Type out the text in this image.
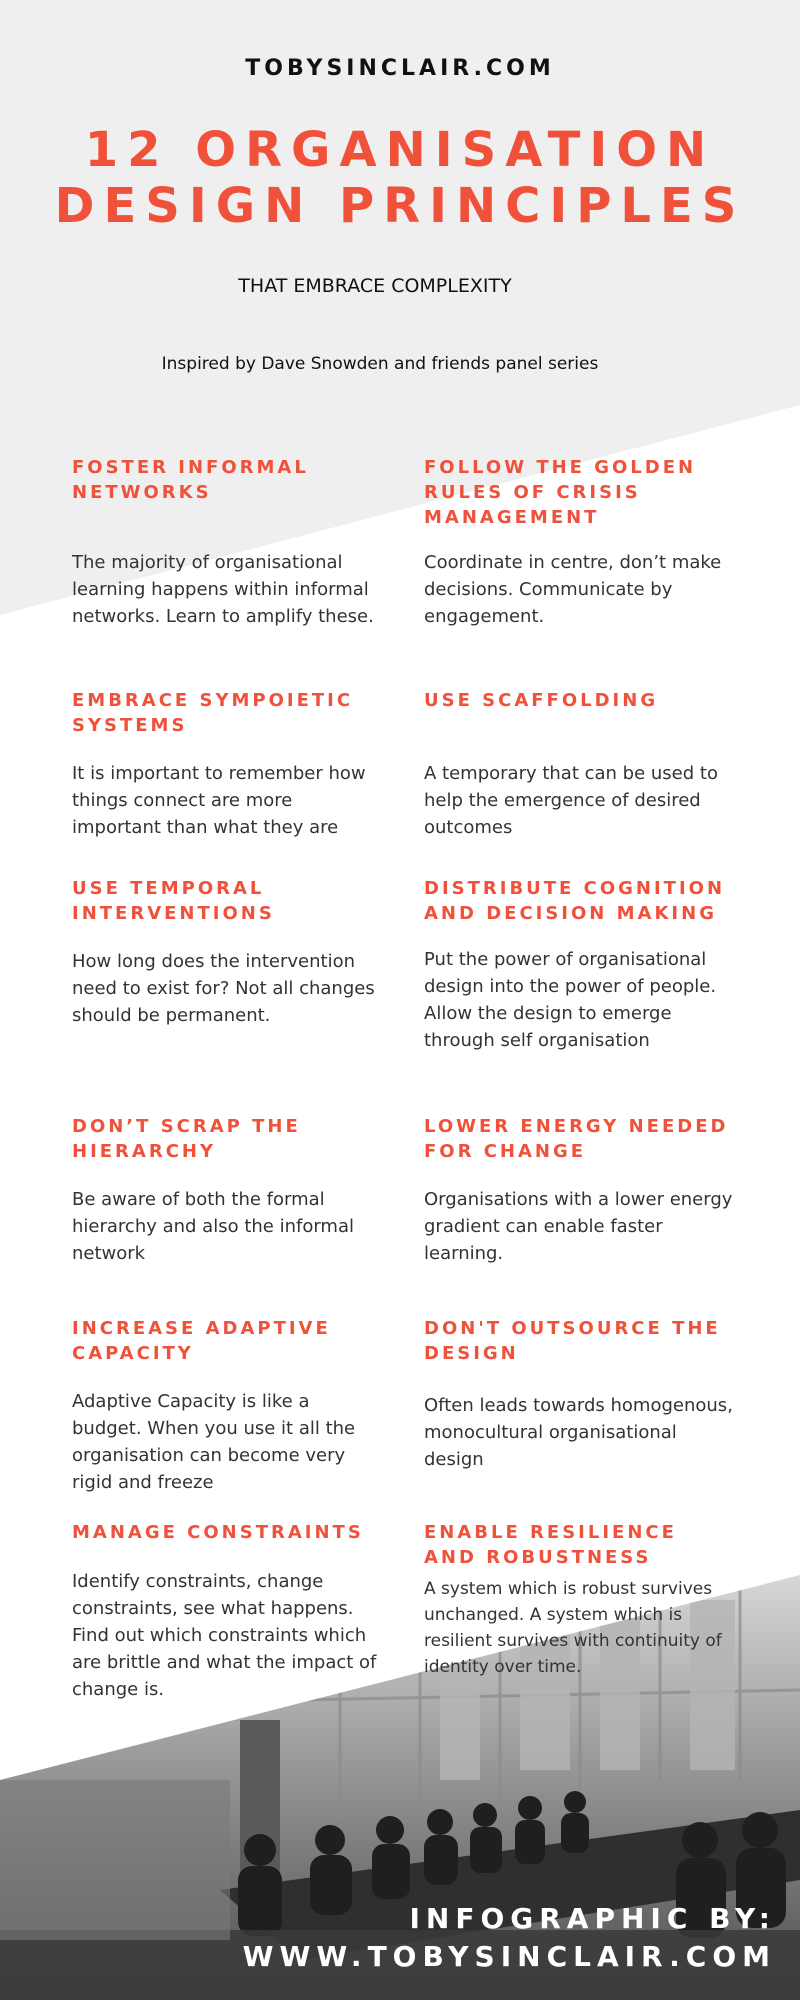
TOBYSINCLAIR.COM
12 ORGANISATION
DESIGN PRINCIPLES
THAT EMBRACE COMPLEXITY
Inspired by Dave Snowden and friends panel series
FOSTER INFORMAL NETWORKS
The majority of organisational learning happens within informal networks. Learn to amplify these.
FOLLOW THE GOLDEN RULES OF CRISIS MANAGEMENT
Coordinate in centre, don’t make decisions. Communicate by engagement.
EMBRACE SYMPOIETIC SYSTEMS
It is important to remember how things connect are more important than what they are
USE SCAFFOLDING
A temporary that can be used to help the emergence of desired outcomes
USE TEMPORAL INTERVENTIONS
How long does the intervention need to exist for? Not all changes should be permanent.
DISTRIBUTE COGNITION AND DECISION MAKING
Put the power of organisational design into the power of people. Allow the design to emerge through self organisation
DON’T SCRAP THE HIERARCHY
Be aware of both the formal hierarchy and also the informal network
LOWER ENERGY NEEDED FOR CHANGE
Organisations with a lower energy gradient can enable faster learning.
INCREASE ADAPTIVE CAPACITY
Adaptive Capacity is like a budget. When you use it all the organisation can become very rigid and freeze
DON'T OUTSOURCE THE DESIGN
Often leads towards homogenous, monocultural organisational design
MANAGE CONSTRAINTS
Identify constraints, change constraints, see what happens. Find out which constraints which are brittle and what the impact of change is.
ENABLE RESILIENCE AND ROBUSTNESS
A system which is robust survives unchanged. A system which is resilient survives with continuity of identity over time.
INFOGRAPHIC BY:
WWW.TOBYSINCLAIR.COM
